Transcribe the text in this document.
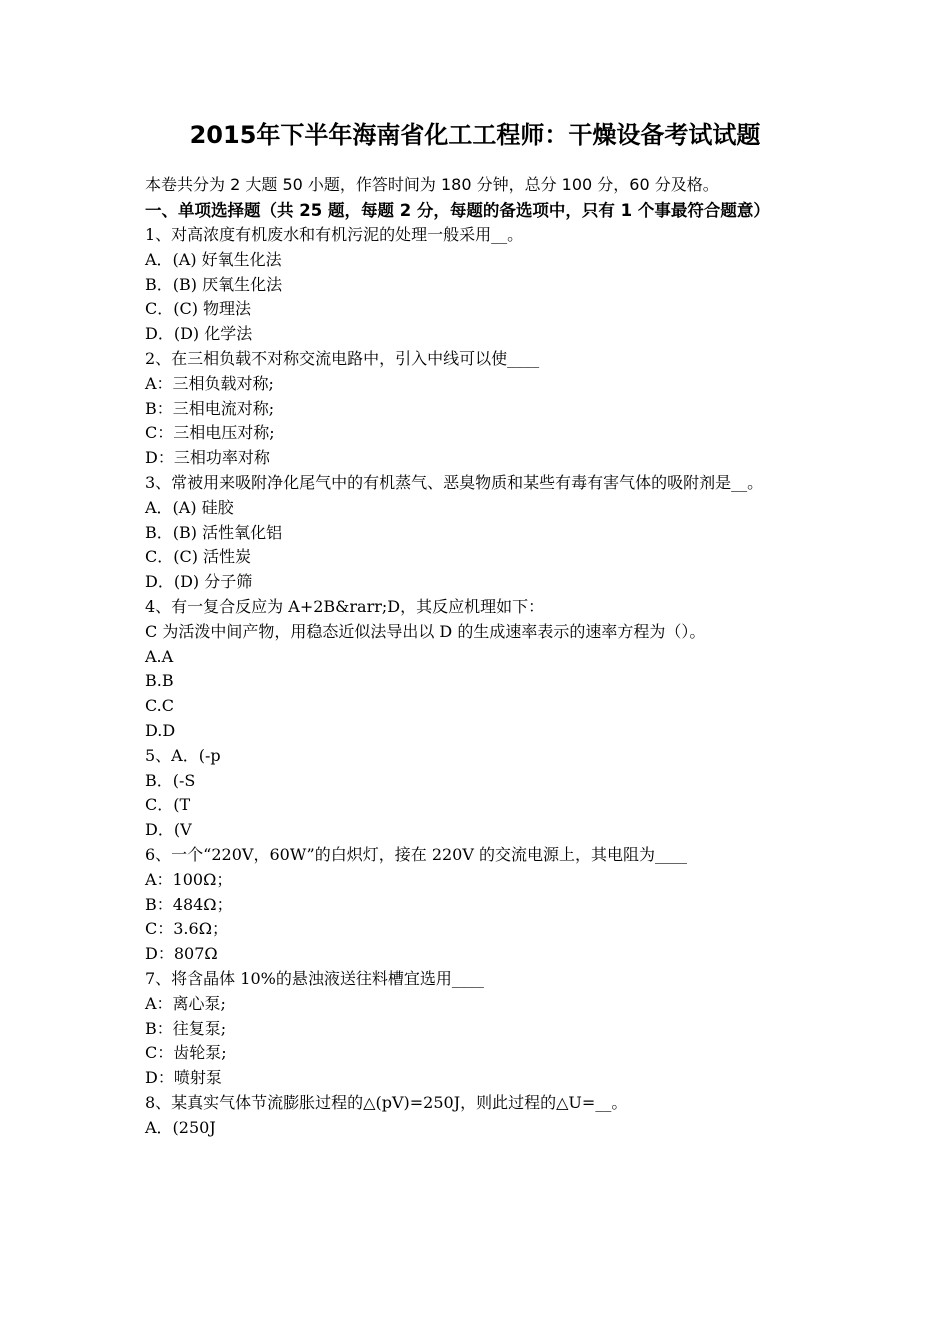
2015年下半年海南省化工工程师：干燥设备考试试题
本卷共分为 2 大题 50 小题，作答时间为 180 分钟，总分 100 分，60 分及格。
一、单项选择题（共 25 题，每题 2 分，每题的备选项中，只有 1 个事最符合题意）
1、对高浓度有机废水和有机污泥的处理一般采用__。
A．(A) 好氧生化法
B．(B) 厌氧生化法
C．(C) 物理法
D．(D) 化学法
2、在三相负载不对称交流电路中，引入中线可以使____
A：三相负载对称;
B：三相电流对称;
C：三相电压对称;
D：三相功率对称
3、常被用来吸附净化尾气中的有机蒸气、恶臭物质和某些有毒有害气体的吸附剂是__。
A．(A) 硅胶
B．(B) 活性氧化铝
C．(C) 活性炭
D．(D) 分子筛
4、有一复合反应为 A+2B&rarr;D，其反应机理如下：
C 为活泼中间产物，用稳态近似法导出以 D 的生成速率表示的速率方程为（）。
A.A
B.B
C.C
D.D
5、A．(-p
B．(-S
C．(T
D．(V
6、一个“220V，60W”的白炽灯，接在 220V 的交流电源上，其电阻为____
A：100Ω；
B：484Ω；
C：3.6Ω；
D：807Ω
7、将含晶体 10%的悬浊液送往料槽宜选用____
A：离心泵;
B：往复泵;
C：齿轮泵;
D：喷射泵
8、某真实气体节流膨胀过程的△(pV)=250J，则此过程的△U=__。
A．(250J
